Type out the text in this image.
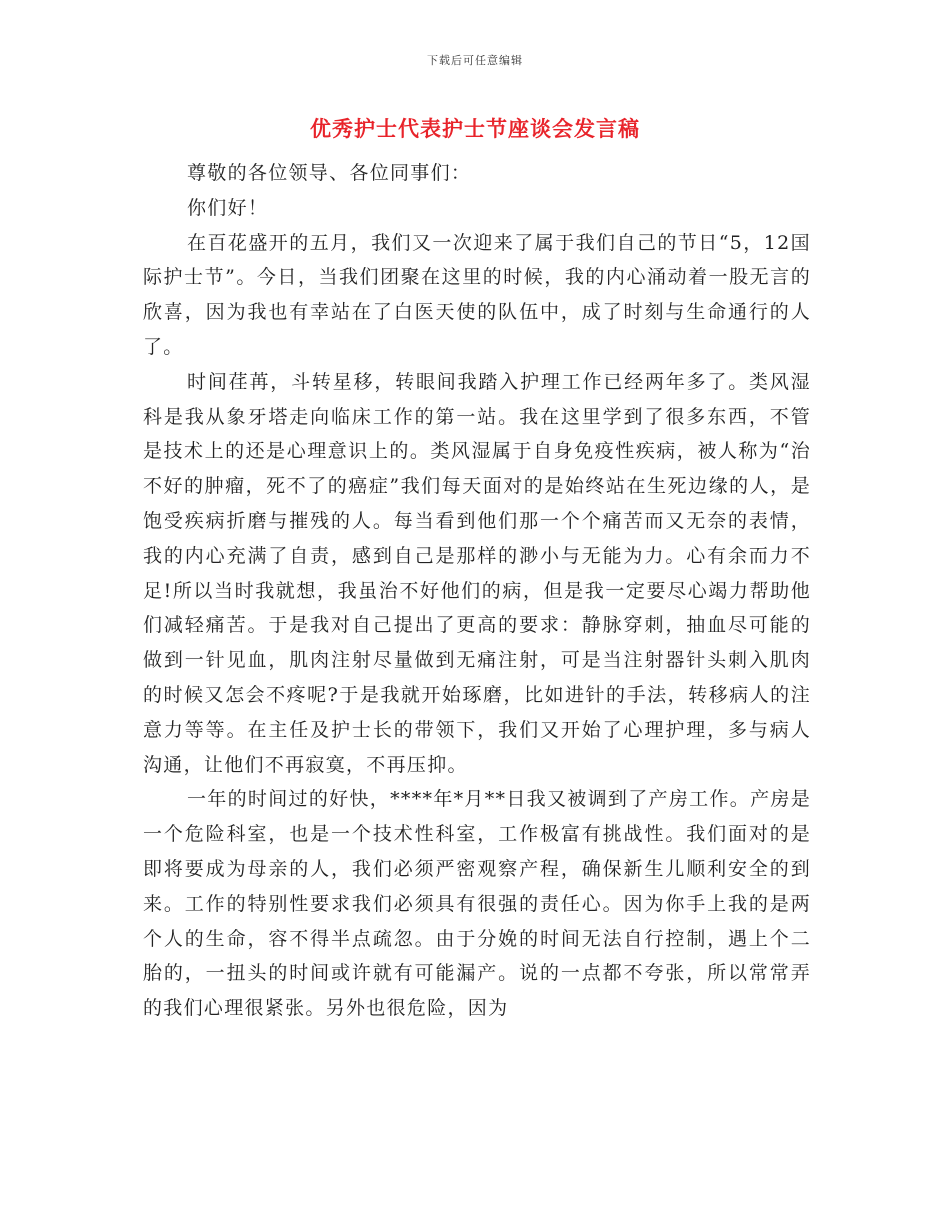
下载后可任意编辑
优秀护士代表护士节座谈会发言稿

尊敬的各位领导、各位同事们：

你们好！

在百花盛开的五月，我们又一次迎来了属于我们自己的节日“5，12国际护士节”。今日，当我们团聚在这里的时候，我的内心涌动着一股无言的欣喜，因为我也有幸站在了白医天使的队伍中，成了时刻与生命通行的人了。

时间荏苒，斗转星移，转眼间我踏入护理工作已经两年多了。类风湿科是我从象牙塔走向临床工作的第一站。我在这里学到了很多东西，不管是技术上的还是心理意识上的。类风湿属于自身免疫性疾病，被人称为“治不好的肿瘤，死不了的癌症”我们每天面对的是始终站在生死边缘的人，是饱受疾病折磨与摧残的人。每当看到他们那一个个痛苦而又无奈的表情，我的内心充满了自责，感到自己是那样的渺小与无能为力。心有余而力不足!所以当时我就想，我虽治不好他们的病，但是我一定要尽心竭力帮助他们减轻痛苦。于是我对自己提出了更高的要求：静脉穿刺，抽血尽可能的做到一针见血，肌肉注射尽量做到无痛注射，可是当注射器针头刺入肌肉的时候又怎会不疼呢?于是我就开始琢磨，比如进针的手法，转移病人的注意力等等。在主任及护士长的带领下，我们又开始了心理护理，多与病人沟通，让他们不再寂寞，不再压抑。

一年的时间过的好快，****年*月**日我又被调到了产房工作。产房是一个危险科室，也是一个技术性科室，工作极富有挑战性。我们面对的是即将要成为母亲的人，我们必须严密观察产程，确保新生儿顺利安全的到来。工作的特别性要求我们必须具有很强的责任心。因为你手上我的是两个人的生命，容不得半点疏忽。由于分娩的时间无法自行控制，遇上个二胎的，一扭头的时间或许就有可能漏产。说的一点都不夸张，所以常常弄的我们心理很紧张。另外也很危险，因为
